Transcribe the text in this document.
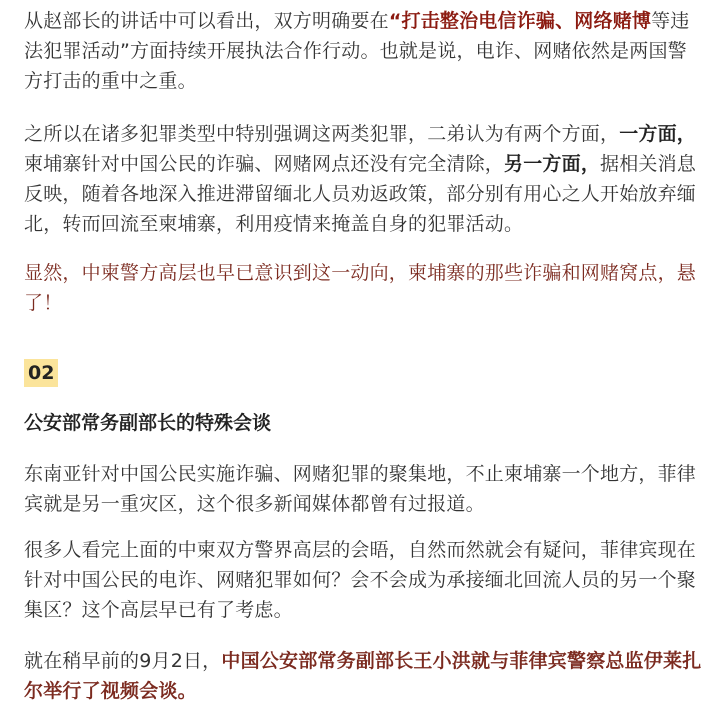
从赵部长的讲话中可以看出，双方明确要在“打击整治电信诈骗、网络赌博等违法犯罪活动”方面持续开展执法合作行动。也就是说，电诈、网赌依然是两国警方打击的重中之重。

之所以在诸多犯罪类型中特别强调这两类犯罪，二弟认为有两个方面，一方面，柬埔寨针对中国公民的诈骗、网赌网点还没有完全清除，另一方面，据相关消息反映，随着各地深入推进滞留缅北人员劝返政策，部分别有用心之人开始放弃缅北，转而回流至柬埔寨，利用疫情来掩盖自身的犯罪活动。

显然，中柬警方高层也早已意识到这一动向，柬埔寨的那些诈骗和网赌窝点，悬了！

02
公安部常务副部长的特殊会谈

东南亚针对中国公民实施诈骗、网赌犯罪的聚集地，不止柬埔寨一个地方，菲律宾就是另一重灾区，这个很多新闻媒体都曾有过报道。

很多人看完上面的中柬双方警界高层的会晤，自然而然就会有疑问，菲律宾现在针对中国公民的电诈、网赌犯罪如何？会不会成为承接缅北回流人员的另一个聚集区？这个高层早已有了考虑。

就在稍早前的9月2日，中国公安部常务副部长王小洪就与菲律宾警察总监伊莱扎尔举行了视频会谈。
